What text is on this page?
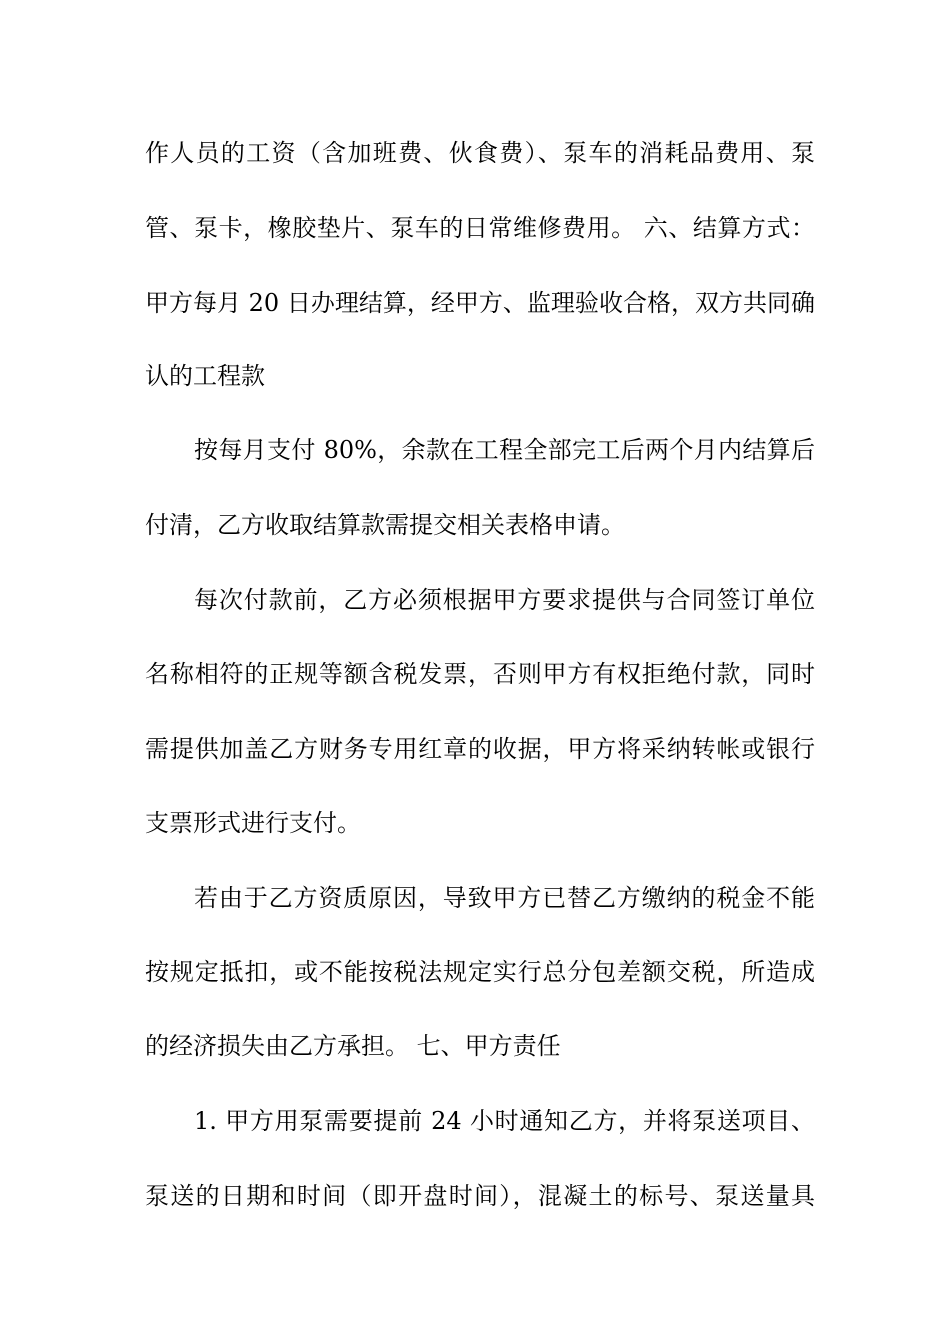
作人员的工资（含加班费、伙食费）、泵车的消耗品费用、泵
管、泵卡，橡胶垫片、泵车的日常维修费用。 六、结算方式：
甲方每月 20 日办理结算，经甲方、监理验收合格，双方共同确
认的工程款
按每月支付 80%，余款在工程全部完工后两个月内结算后
付清，乙方收取结算款需提交相关表格申请。
每次付款前，乙方必须根据甲方要求提供与合同签订单位
名称相符的正规等额含税发票，否则甲方有权拒绝付款，同时
需提供加盖乙方财务专用红章的收据，甲方将采纳转帐或银行
支票形式进行支付。
若由于乙方资质原因，导致甲方已替乙方缴纳的税金不能
按规定抵扣，或不能按税法规定实行总分包差额交税，所造成
的经济损失由乙方承担。 七、甲方责任
1. 甲方用泵需要提前 24 小时通知乙方，并将泵送项目、
泵送的日期和时间（即开盘时间），混凝土的标号、泵送量具
